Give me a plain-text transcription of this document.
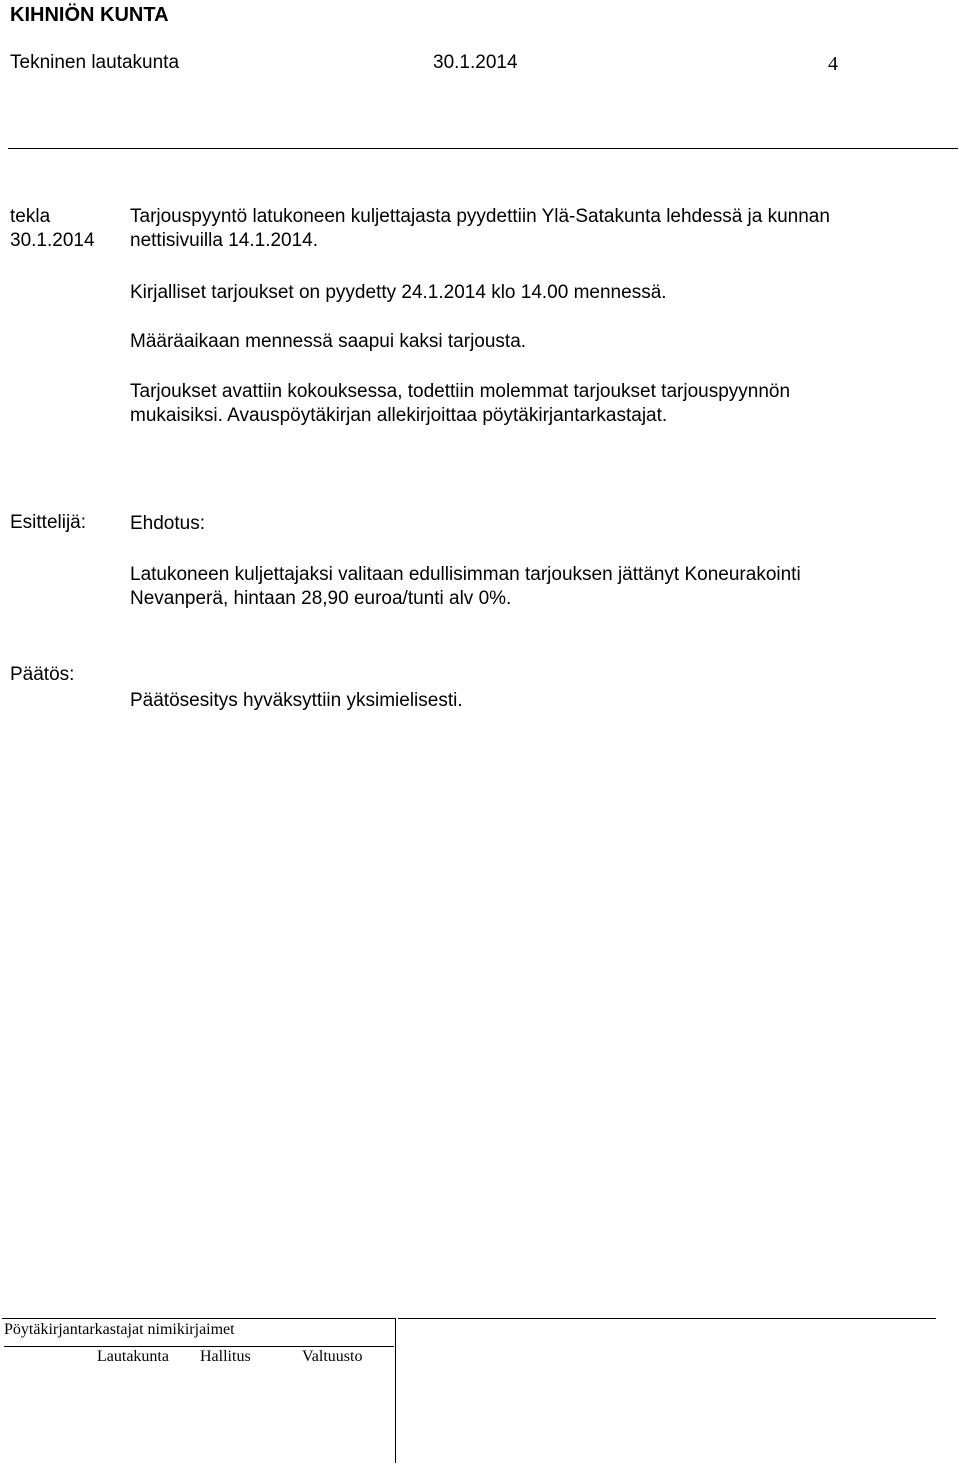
KIHNIÖN KUNTA
Tekninen lautakunta	30.1.2014	4
tekla
30.1.2014
Tarjouspyyntö latukoneen kuljettajasta pyydettiin Ylä-Satakunta lehdessä ja kunnan
nettisivuilla 14.1.2014.
Kirjalliset tarjoukset on pyydetty 24.1.2014 klo 14.00 mennessä.
Määräaikaan mennessä saapui kaksi tarjousta.
Tarjoukset avattiin kokouksessa, todettiin molemmat tarjoukset tarjouspyynnön
mukaisiksi. Avauspöytäkirjan allekirjoittaa pöytäkirjantarkastajat.
Esittelijä: Ehdotus:
Latukoneen kuljettajaksi valitaan edullisimman tarjouksen jättänyt Koneurakointi
Nevanperä, hintaan 28,90 euroa/tunti alv 0%.
Päätös:
Päätösesitys hyväksyttiin yksimielisesti.
Pöytäkirjantarkastajat nimikirjaimet
Lautakunta Hallitus	Valtuusto
